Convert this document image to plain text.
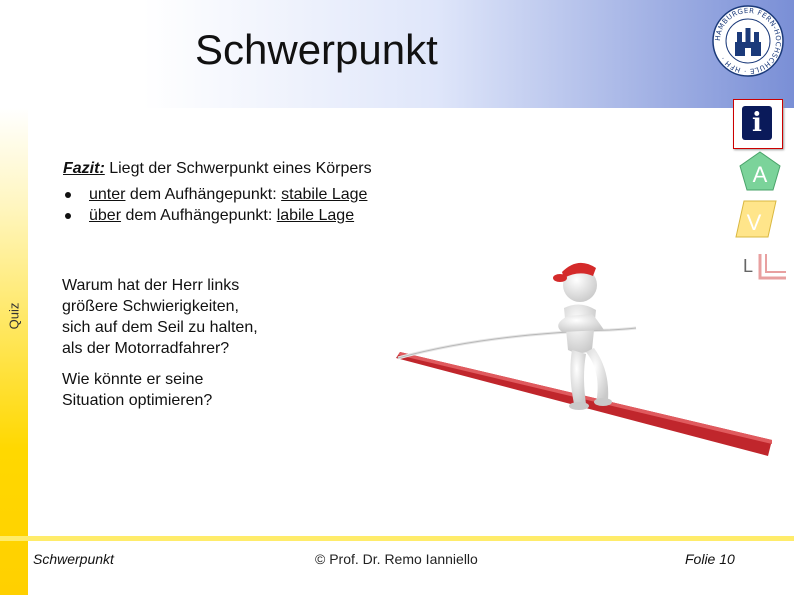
Schwerpunkt	HAMBURGER FERN-HOCHSCHULE · HFH ·
Quiz
Fazit: Liegt der Schwerpunkt eines Körpers
unter dem Aufhängepunkt: stabile Lage
über dem Aufhängepunkt: labile Lage
Warum hat der Herr links
größere Schwierigkeiten,
sich auf dem Seil zu halten,
als der Motorradfahrer?
Wie könnte er seine
Situation optimieren?
i
A
V
L
Schwerpunkt	© Prof. Dr. Remo Ianniello	Folie 10
